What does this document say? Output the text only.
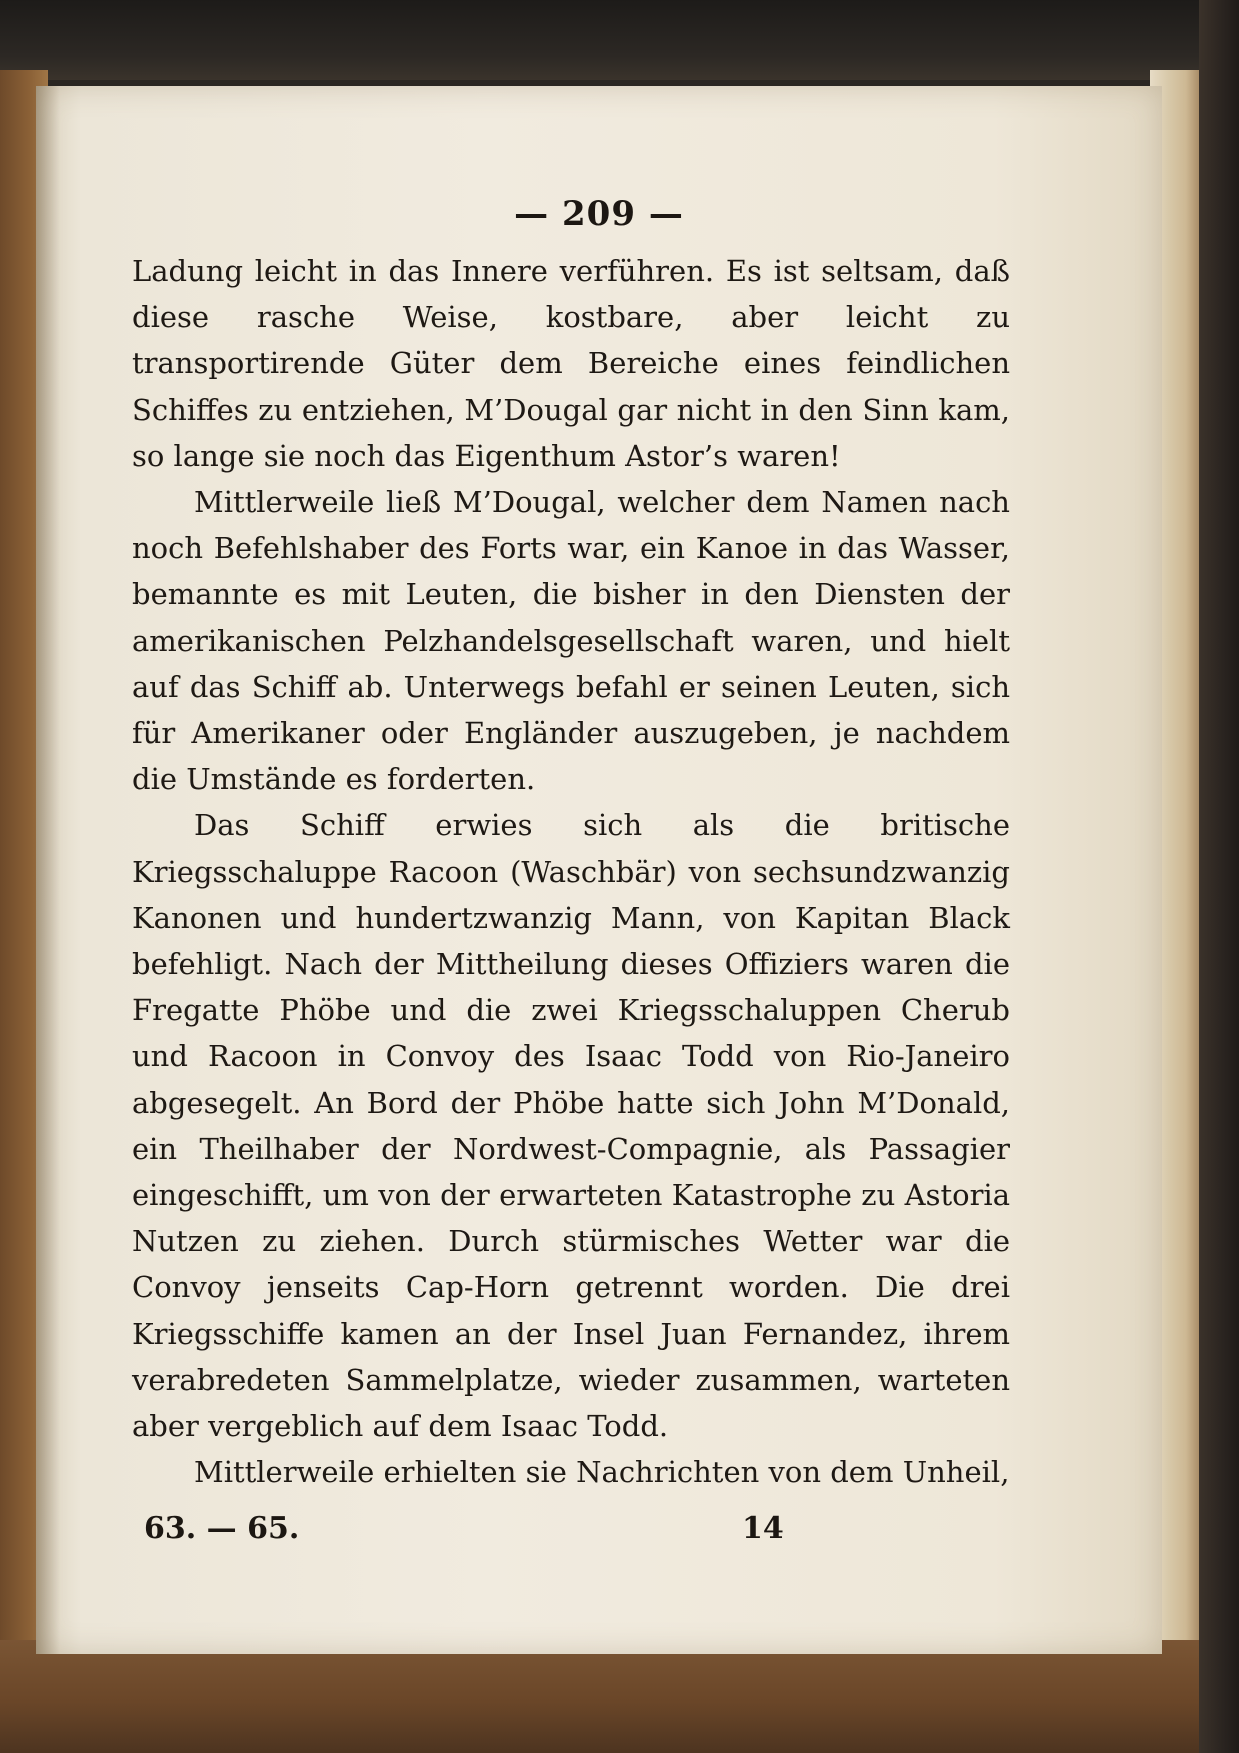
— 209 —

Ladung leicht in das Innere verführen. Es ist seltsam, daß diese rasche Weise, kostbare, aber leicht zu transportirende Güter dem Bereiche eines feindlichen Schiffes zu entziehen, M’Dougal gar nicht in den Sinn kam, so lange sie noch das Eigenthum Astor’s waren!

Mittlerweile ließ M’Dougal, welcher dem Namen nach noch Befehlshaber des Forts war, ein Kanoe in das Wasser, bemannte es mit Leuten, die bisher in den Diensten der amerikanischen Pelzhandelsgesellschaft waren, und hielt auf das Schiff ab. Unterwegs befahl er seinen Leuten, sich für Amerikaner oder Engländer auszugeben, je nachdem die Umstände es forderten.

Das Schiff erwies sich als die britische Kriegsschaluppe Racoon (Waschbär) von sechsundzwanzig Kanonen und hundertzwanzig Mann, von Kapitan Black befehligt. Nach der Mittheilung dieses Offiziers waren die Fregatte Phöbe und die zwei Kriegsschaluppen Cherub und Racoon in Convoy des Isaac Todd von Rio-Janeiro abgesegelt. An Bord der Phöbe hatte sich John M’Donald, ein Theilhaber der Nordwest-Compagnie, als Passagier eingeschifft, um von der erwarteten Katastrophe zu Astoria Nutzen zu ziehen. Durch stürmisches Wetter war die Convoy jenseits Cap-Horn getrennt worden. Die drei Kriegsschiffe kamen an der Insel Juan Fernandez, ihrem verabredeten Sammelplatze, wieder zusammen, warteten aber vergeblich auf dem Isaac Todd.

Mittlerweile erhielten sie Nachrichten von dem Unheil,

63. — 65.	14
